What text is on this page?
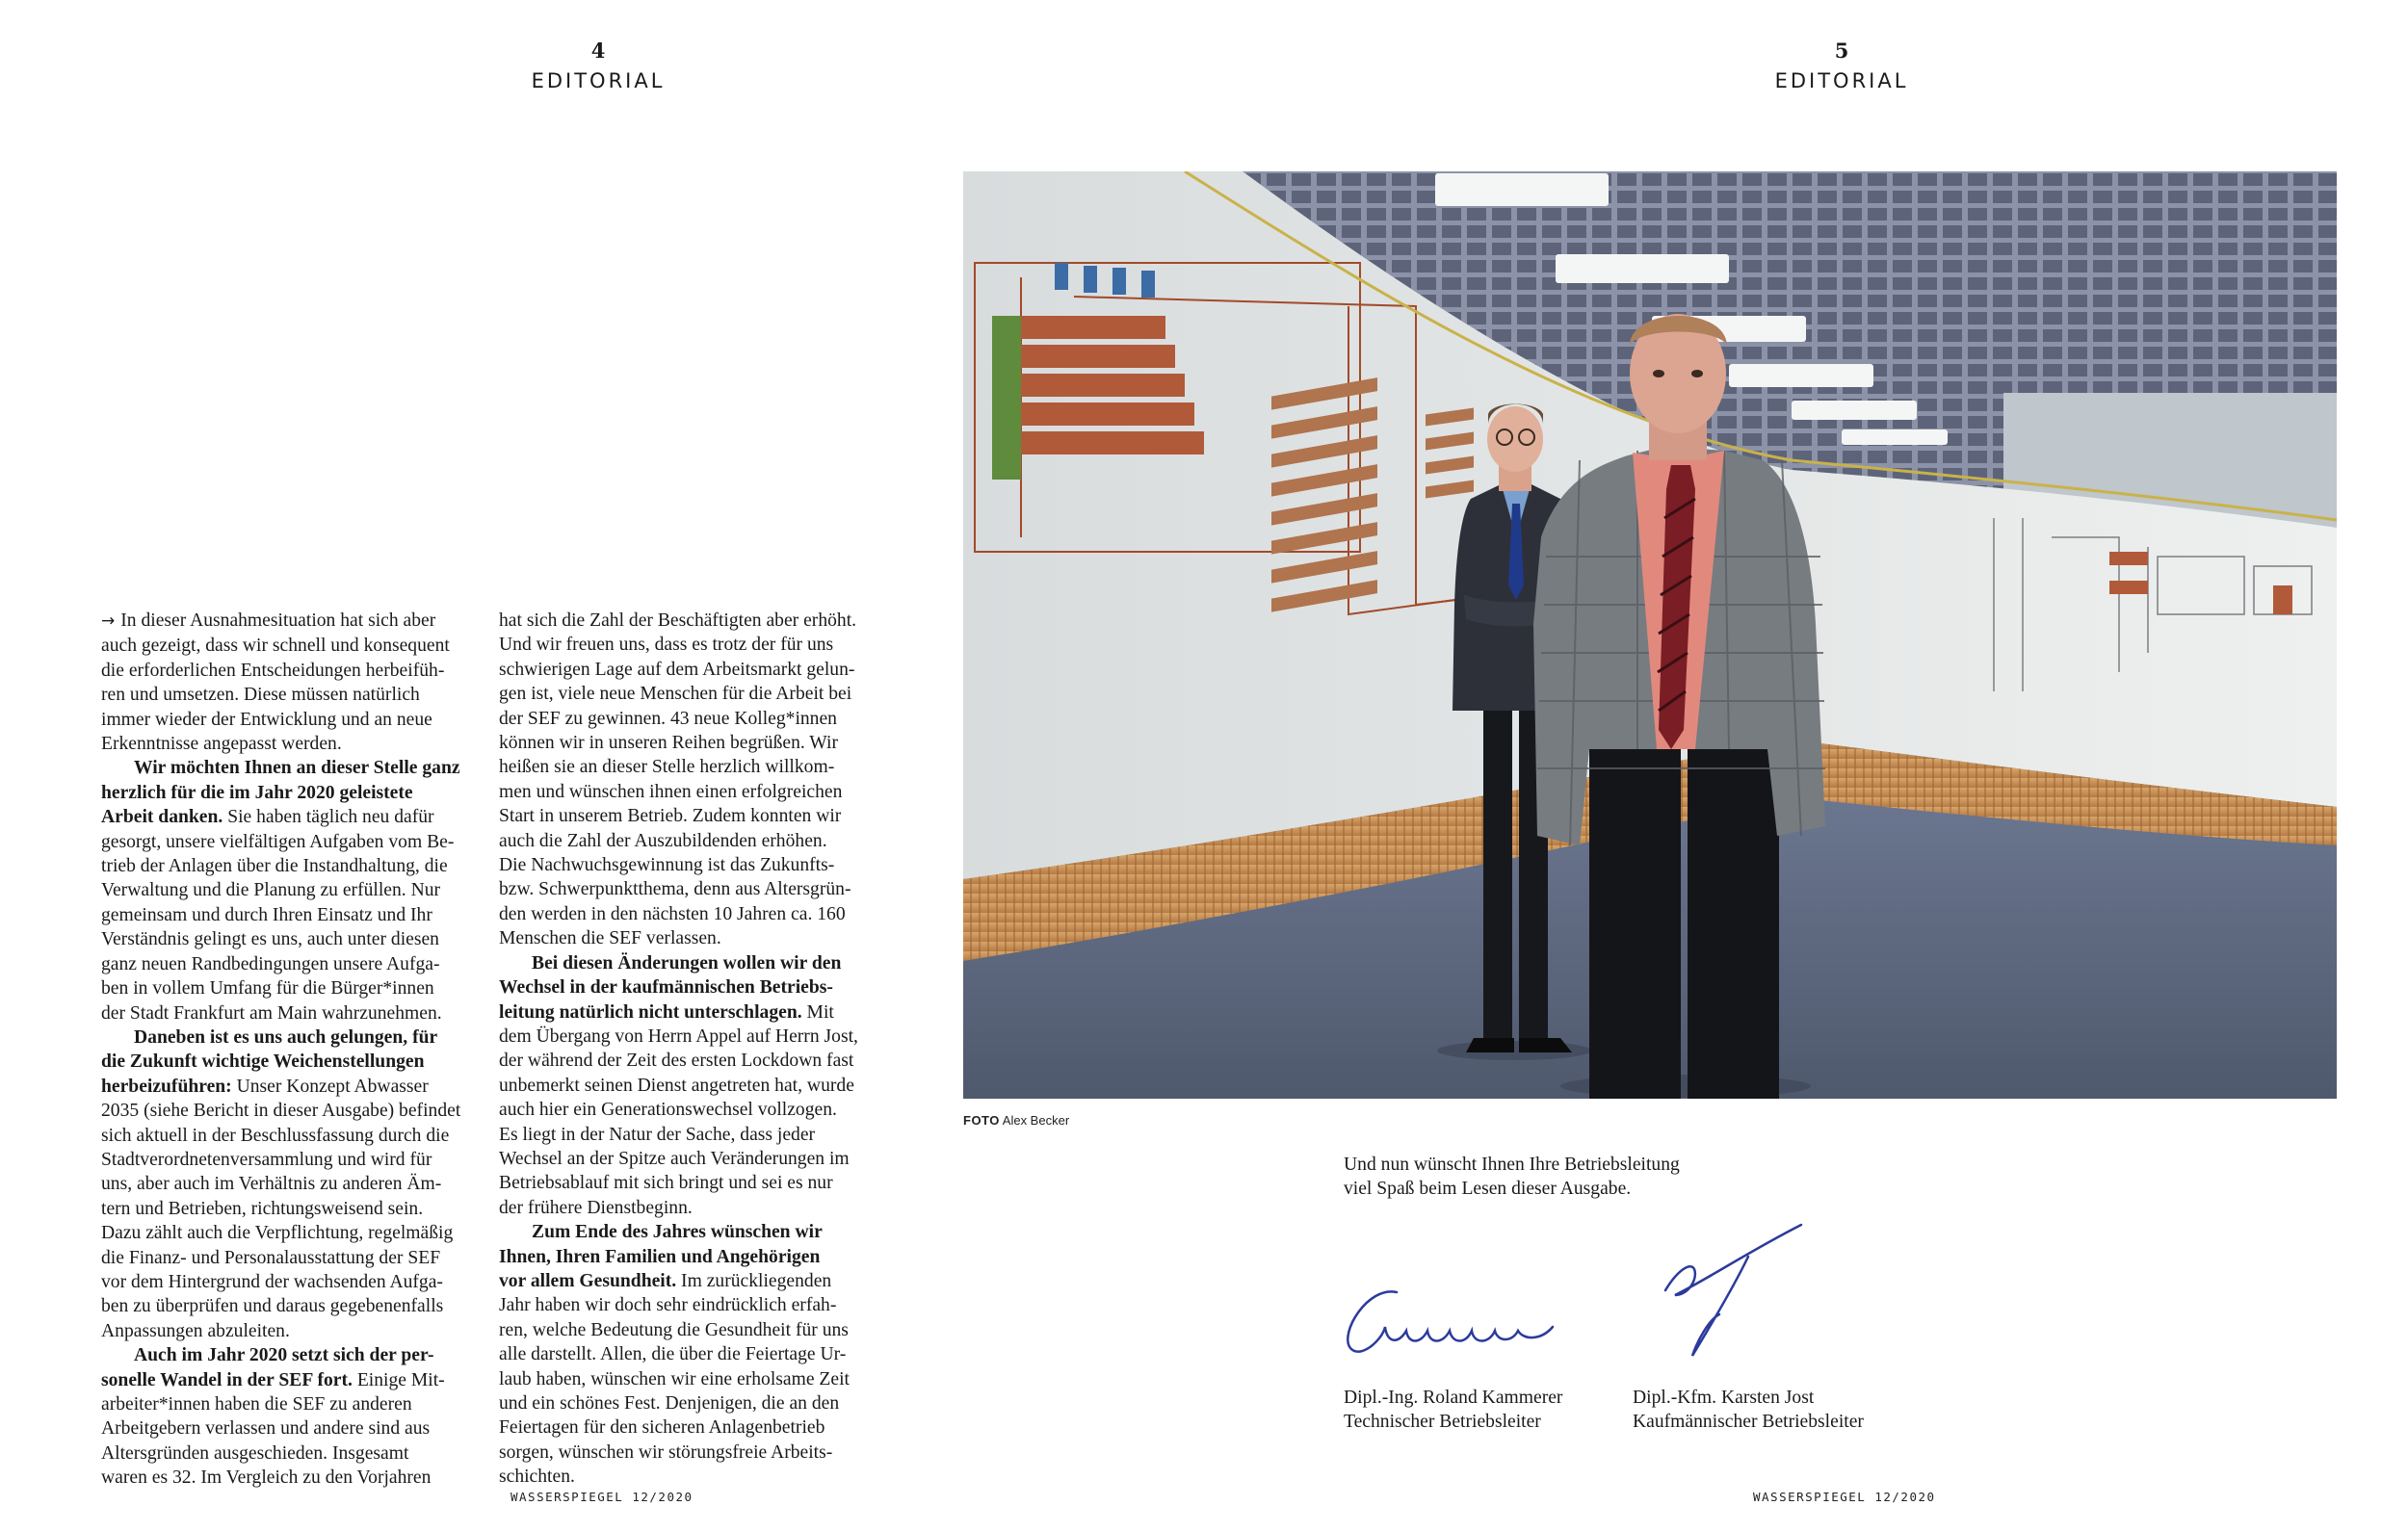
4
EDITORIAL

→ In dieser Ausnahmesituation hat sich aber

auch gezeigt, dass wir schnell und konsequent

die erforderlichen Entscheidungen herbeifüh-

ren und umsetzen. Diese müssen natürlich

immer wieder der Entwicklung und an neue

Erkenntnisse angepasst werden.

Wir möchten Ihnen an dieser Stelle ganz

herzlich für die im Jahr 2020 geleistete

Arbeit danken. Sie haben täglich neu dafür

gesorgt, unsere vielfältigen Aufgaben vom Be-

trieb der Anlagen über die Instandhaltung, die

Verwaltung und die Planung zu erfüllen. Nur

gemeinsam und durch Ihren Einsatz und Ihr

Verständnis gelingt es uns, auch unter diesen

ganz neuen Randbedingungen unsere Aufga-

ben in vollem Umfang für die Bürger*innen

der Stadt Frankfurt am Main wahrzunehmen.

Daneben ist es uns auch gelungen, für

die Zukunft wichtige Weichenstellungen

herbeizuführen: Unser Konzept Abwasser

2035 (siehe Bericht in dieser Ausgabe) befindet

sich aktuell in der Beschlussfassung durch die

Stadtverordnetenversammlung und wird für

uns, aber auch im Verhältnis zu anderen Äm-

tern und Betrieben, richtungsweisend sein.

Dazu zählt auch die Verpflichtung, regelmäßig

die Finanz- und Personalausstattung der SEF

vor dem Hintergrund der wachsenden Aufga-

ben zu überprüfen und daraus gegebenenfalls

Anpassungen abzuleiten.

Auch im Jahr 2020 setzt sich der per-

sonelle Wandel in der SEF fort. Einige Mit-

arbeiter*innen haben die SEF zu anderen

Arbeitgebern verlassen und andere sind aus

Altersgründen ausgeschieden. Insgesamt

waren es 32. Im Vergleich zu den Vorjahren

hat sich die Zahl der Beschäftigten aber erhöht.

Und wir freuen uns, dass es trotz der für uns

schwierigen Lage auf dem Arbeitsmarkt gelun-

gen ist, viele neue Menschen für die Arbeit bei

der SEF zu gewinnen. 43 neue Kolleg*innen

können wir in unseren Reihen begrüßen. Wir

heißen sie an dieser Stelle herzlich willkom-

men und wünschen ihnen einen erfolgreichen

Start in unserem Betrieb. Zudem konnten wir

auch die Zahl der Auszubildenden erhöhen.

Die Nachwuchsgewinnung ist das Zukunfts-

bzw. Schwerpunktthema, denn aus Altersgrün-

den werden in den nächsten 10 Jahren ca. 160

Menschen die SEF verlassen.

Bei diesen Änderungen wollen wir den

Wechsel in der kaufmännischen Betriebs-

leitung natürlich nicht unterschlagen. Mit

dem Übergang von Herrn Appel auf Herrn Jost,

der während der Zeit des ersten Lockdown fast

unbemerkt seinen Dienst angetreten hat, wurde

auch hier ein Generationswechsel vollzogen.

Es liegt in der Natur der Sache, dass jeder

Wechsel an der Spitze auch Veränderungen im

Betriebsablauf mit sich bringt und sei es nur

der frühere Dienstbeginn.

Zum Ende des Jahres wünschen wir

Ihnen, Ihren Familien und Angehörigen

vor allem Gesundheit. Im zurückliegenden

Jahr haben wir doch sehr eindrücklich erfah-

ren, welche Bedeutung die Gesundheit für uns

alle darstellt. Allen, die über die Feiertage Ur-

laub haben, wünschen wir eine erholsame Zeit

und ein schönes Fest. Denjenigen, die an den

Feiertagen für den sicheren Anlagenbetrieb

sorgen, wünschen wir störungsfreie Arbeits-

schichten.

WASSERSPIEGEL 12/2020
5
EDITORIAL
FOTO Alex Becker

Und nun wünscht Ihnen Ihre Betriebsleitung

viel Spaß beim Lesen dieser Ausgabe.

Dipl.-Ing. Roland Kammerer

Technischer Betriebsleiter

Dipl.-Kfm. Karsten Jost

Kaufmännischer Betriebsleiter

WASSERSPIEGEL 12/2020
